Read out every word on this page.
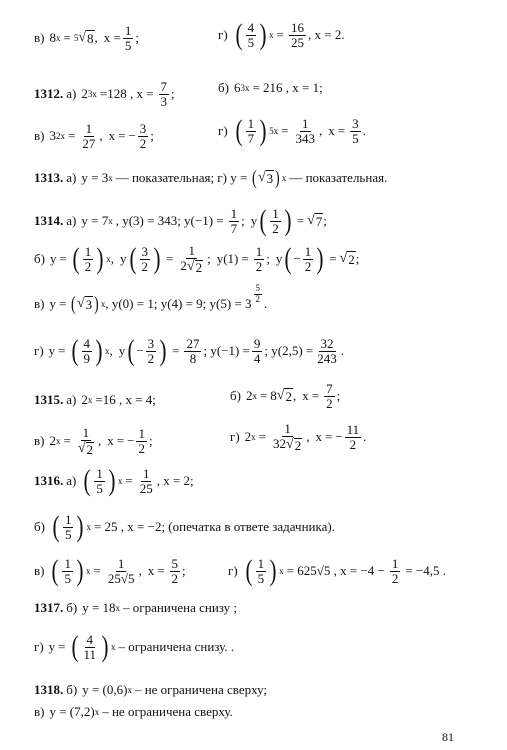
в) 8 x = 5 √ 8 , $x = \frac{1}{5}$ ;	г) ( $\frac{4}{5}$ ) $x = \frac{16}{25}$ , x = 2.
1312. а) 2 3x =128 , $x = \frac{7}{3}$ ;	б) 6 3x = 216 , x = 1;
в) 3 $2x = \frac{1}{27}$ , x = − $\frac{3}{2}$ ;	г) ( $\frac{1}{7}$ ) $5x = \frac{1}{343}$ , $x = \frac{3}{5}$ .
1313. а) y = 3 x — показательная; г) y = ( √ 3 ) x — показательная.
1314. а) y = 7 x , y(3) = 343; $y(-1) = \frac{1}{7}$ ; y ( $\frac{1}{2}$ ) = √ 7 ;
б) y = ( $\frac{1}{2}$ ) x , y ( $\frac{3}{2}$ ) = $\frac{1}{2 √ 2}$ ; y $(1) = \frac{1}{2}$ ; y ( − $\frac{1}{2}$ ) = √ 2 ;
в) y = ( √ 3 ) x , y(0) = 1; y(4) = 9; $y(5) = 3 \frac{5}{2}$ .
г) y = ( $\frac{4}{9}$ ) x , y ( − $\frac{3}{2}$ ) = $\frac{27}{8}$ ; $y(-1) = \frac{9}{4}$ ; $y(2,5) = \frac{32}{243}$ .
1315. а) 2 x =16 , x = 4;	б) 2 x = 8 √ 2 , $x = \frac{7}{2}$ ;
в) 2 $x = \frac{1}{√ 2}$ , x = − $\frac{1}{2}$ ;	г) 2 $x = \frac{1}{32 √ 2}$ , x = − $\frac{11}{2}$ .
1316. а) ( $\frac{1}{5}$ ) $x = \frac{1}{25}$ , x = 2;
б) ( $\frac{1}{5}$ ) x = 25 , x = −2; (опечатка в ответе задачника).
в) ( $\frac{1}{5}$ ) $x = \frac{1}{25√5}$ , $x = \frac{5}{2}$ ;	г) ( $\frac{1}{5}$ ) x = 625√5 , $x = -4 - \frac{1}{2} = -4,5$ .
1317. б) y = 18 x – ограничена снизу ;
г) y = ( $\frac{4}{11}$ ) x – ограничена снизу. .
1318. б) y = (0,6) x – не ограничена сверху;
в) y = (7,2) x – не ограничена сверху.
81
